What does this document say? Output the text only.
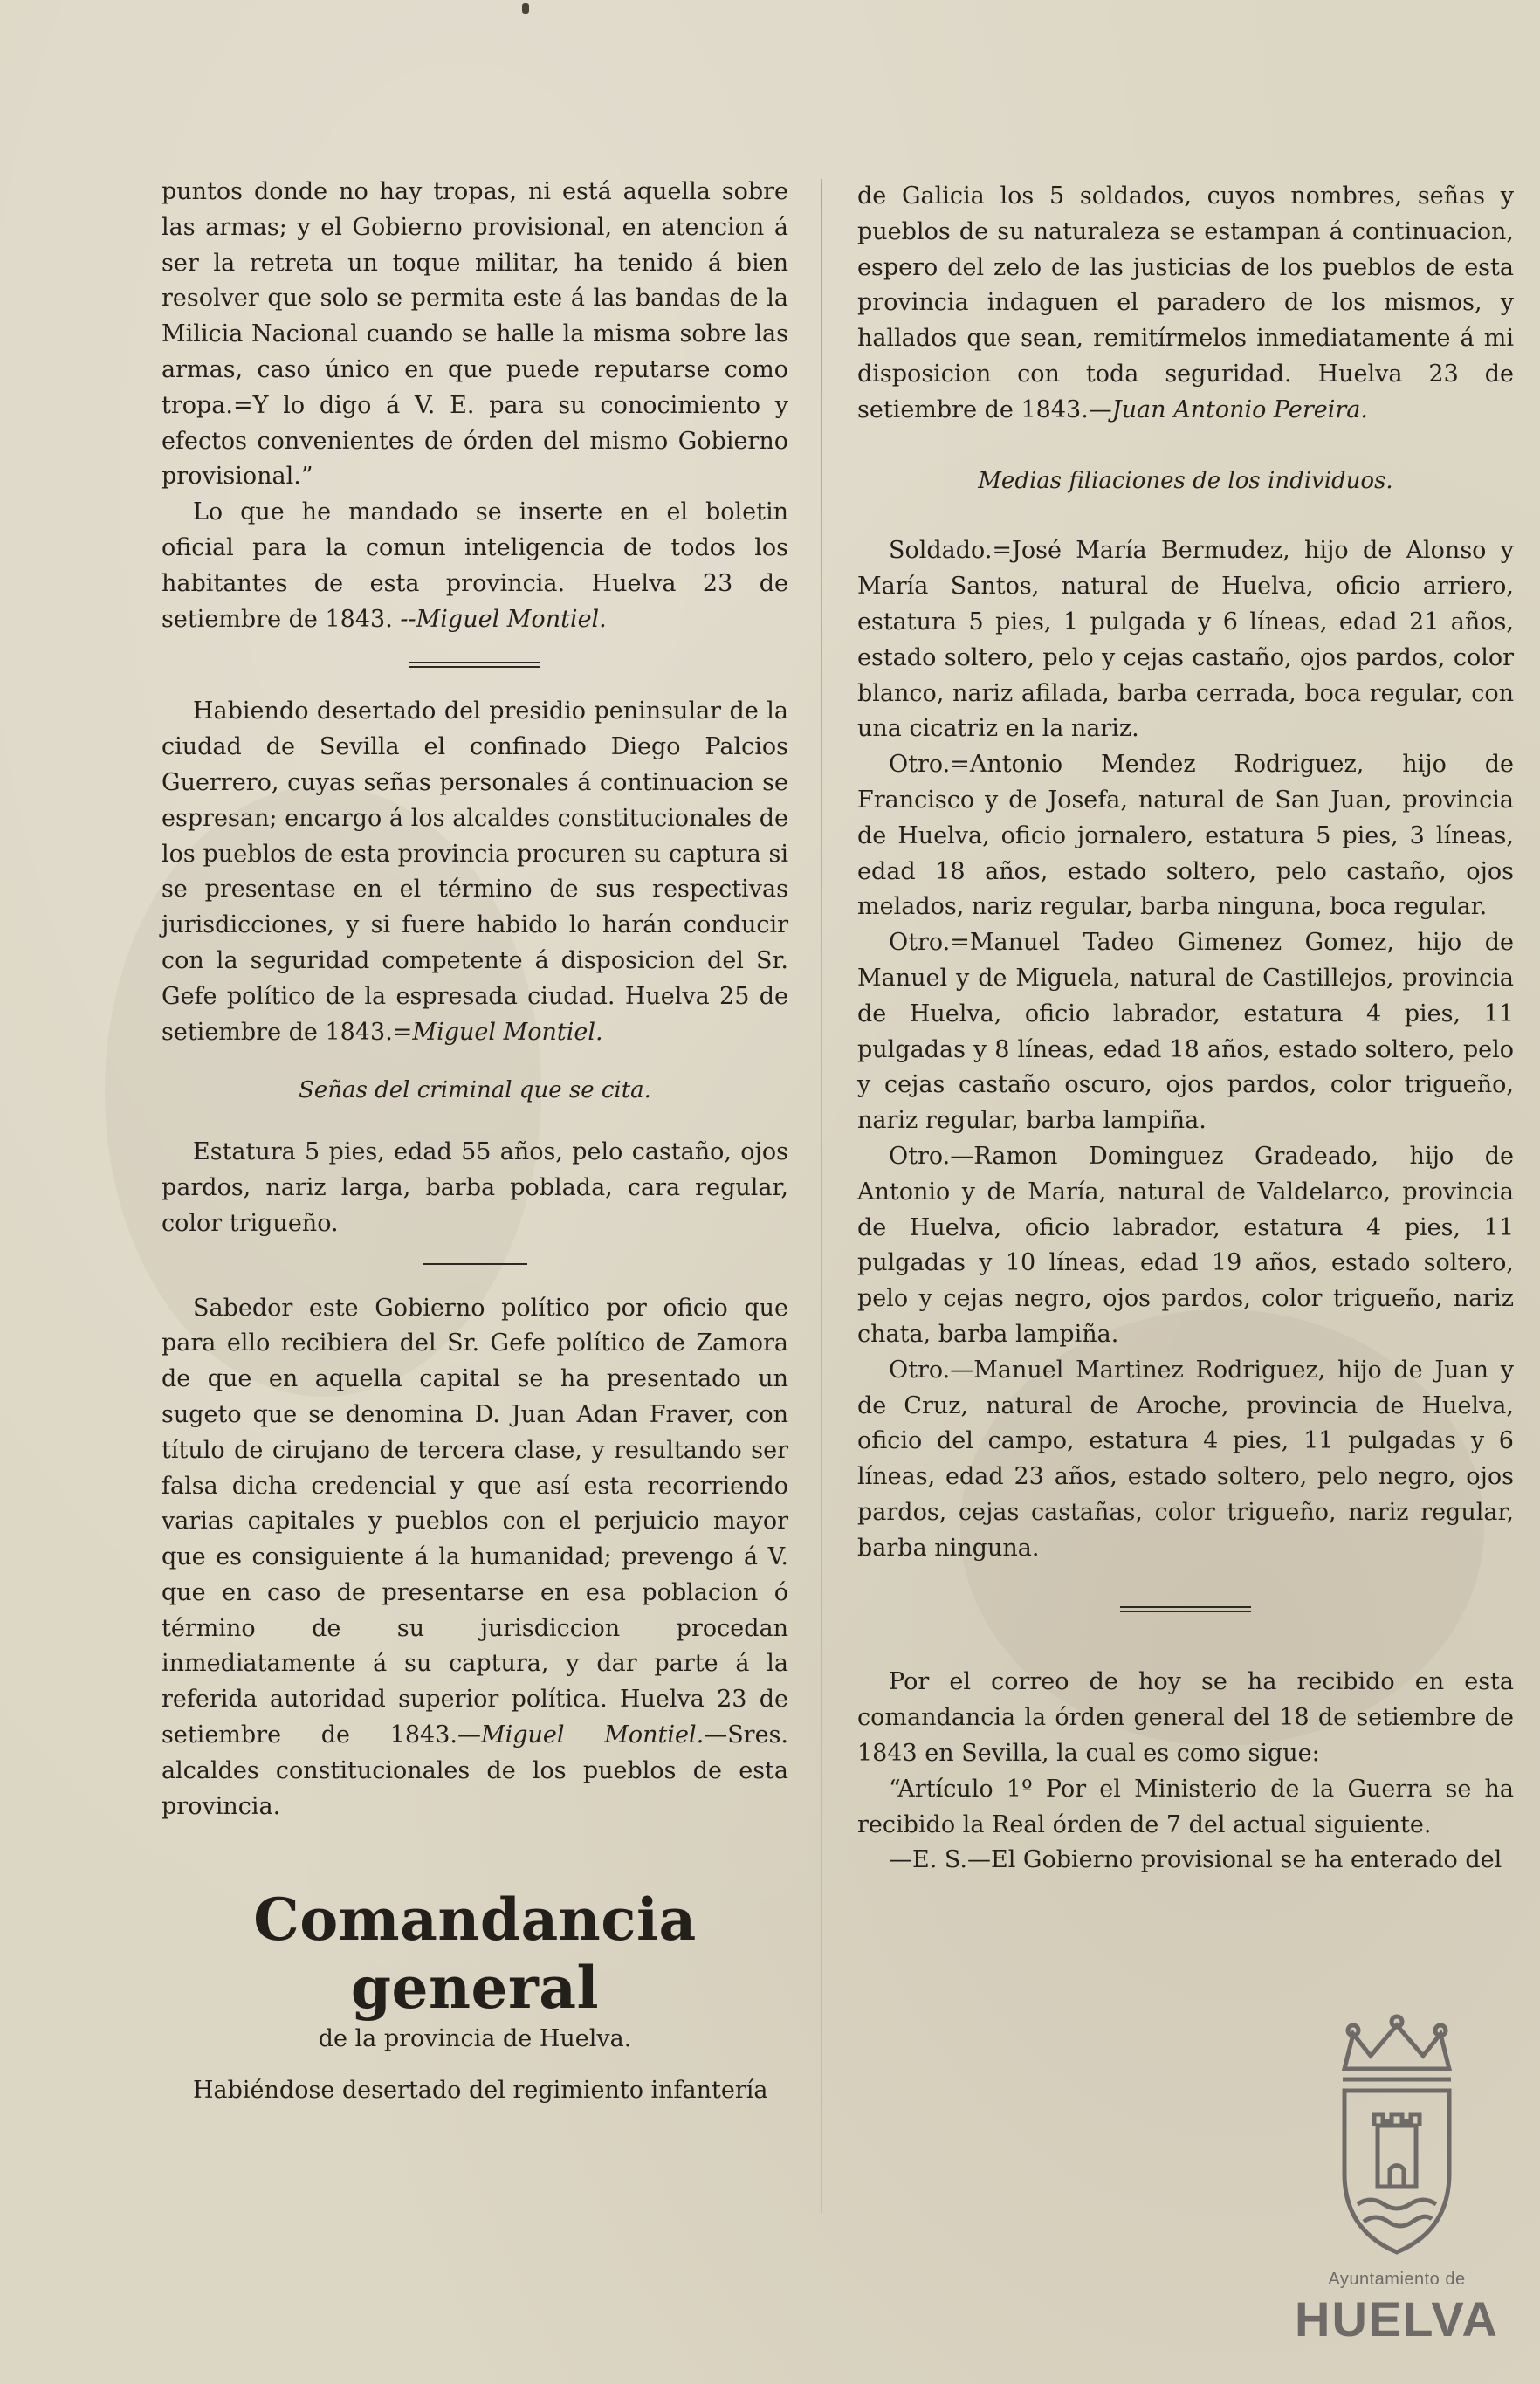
puntos donde no hay tropas, ni está aquella sobre las armas; y el Gobierno provisional, en atencion á ser la retreta un toque militar, ha tenido á bien resolver que solo se permita este á las bandas de la Milicia Nacional cuando se halle la misma sobre las armas, caso único en que puede reputarse como tropa.=Y lo digo á V. E. para su conocimiento y efectos convenientes de órden del mismo Gobierno provisional.”

Lo que he mandado se inserte en el boletin oficial para la comun inteligencia de todos los habitantes de esta provincia. Huelva 23 de setiembre de 1843. --Miguel Montiel.

Habiendo desertado del presidio peninsular de la ciudad de Sevilla el confinado Diego Palcios Guerrero, cuyas señas personales á continuacion se espresan; encargo á los alcaldes constitucionales de los pueblos de esta provincia procuren su captura si se presentase en el término de sus respectivas jurisdicciones, y si fuere habido lo harán conducir con la seguridad competente á disposicion del Sr. Gefe político de la espresada ciudad. Huelva 25 de setiembre de 1843.=Miguel Montiel.

Señas del criminal que se cita.

Estatura 5 pies, edad 55 años, pelo castaño, ojos pardos, nariz larga, barba poblada, cara regular, color trigueño.

Sabedor este Gobierno político por oficio que para ello recibiera del Sr. Gefe político de Zamora de que en aquella capital se ha presentado un sugeto que se denomina D. Juan Adan Fraver, con título de cirujano de tercera clase, y resultando ser falsa dicha credencial y que así esta recorriendo varias capitales y pueblos con el perjuicio mayor que es consiguiente á la humanidad; prevengo á V. que en caso de presentarse en esa poblacion ó término de su jurisdiccion procedan inmediatamente á su captura, y dar parte á la referida autoridad superior política. Huelva 23 de setiembre de 1843.—Miguel Montiel.—Sres. alcaldes constitucionales de los pueblos de esta provincia.

Comandancia general
de la provincia de Huelva.

Habiéndose desertado del regimiento infantería

de Galicia los 5 soldados, cuyos nombres, señas y pueblos de su naturaleza se estampan á continuacion, espero del zelo de las justicias de los pueblos de esta provincia indaguen el paradero de los mismos, y hallados que sean, remitírmelos inmediatamente á mi disposicion con toda seguridad. Huelva 23 de setiembre de 1843.—Juan Antonio Pereira.

Medias filiaciones de los individuos.

Soldado.=José María Bermudez, hijo de Alonso y María Santos, natural de Huelva, oficio arriero, estatura 5 pies, 1 pulgada y 6 líneas, edad 21 años, estado soltero, pelo y cejas castaño, ojos pardos, color blanco, nariz afilada, barba cerrada, boca regular, con una cicatriz en la nariz.

Otro.=Antonio Mendez Rodriguez, hijo de Francisco y de Josefa, natural de San Juan, provincia de Huelva, oficio jornalero, estatura 5 pies, 3 líneas, edad 18 años, estado soltero, pelo castaño, ojos melados, nariz regular, barba ninguna, boca regular.

Otro.=Manuel Tadeo Gimenez Gomez, hijo de Manuel y de Miguela, natural de Castillejos, provincia de Huelva, oficio labrador, estatura 4 pies, 11 pulgadas y 8 líneas, edad 18 años, estado soltero, pelo y cejas castaño oscuro, ojos pardos, color trigueño, nariz regular, barba lampiña.

Otro.—Ramon Dominguez Gradeado, hijo de Antonio y de María, natural de Valdelarco, provincia de Huelva, oficio labrador, estatura 4 pies, 11 pulgadas y 10 líneas, edad 19 años, estado soltero, pelo y cejas negro, ojos pardos, color trigueño, nariz chata, barba lampiña.

Otro.—Manuel Martinez Rodriguez, hijo de Juan y de Cruz, natural de Aroche, provincia de Huelva, oficio del campo, estatura 4 pies, 11 pulgadas y 6 líneas, edad 23 años, estado soltero, pelo negro, ojos pardos, cejas castañas, color trigueño, nariz regular, barba ninguna.

Por el correo de hoy se ha recibido en esta comandancia la órden general del 18 de setiembre de 1843 en Sevilla, la cual es como sigue:

“Artículo 1º Por el Ministerio de la Guerra se ha recibido la Real órden de 7 del actual siguiente.

—E. S.—El Gobierno provisional se ha enterado del

Ayuntamiento de
HUELVA
